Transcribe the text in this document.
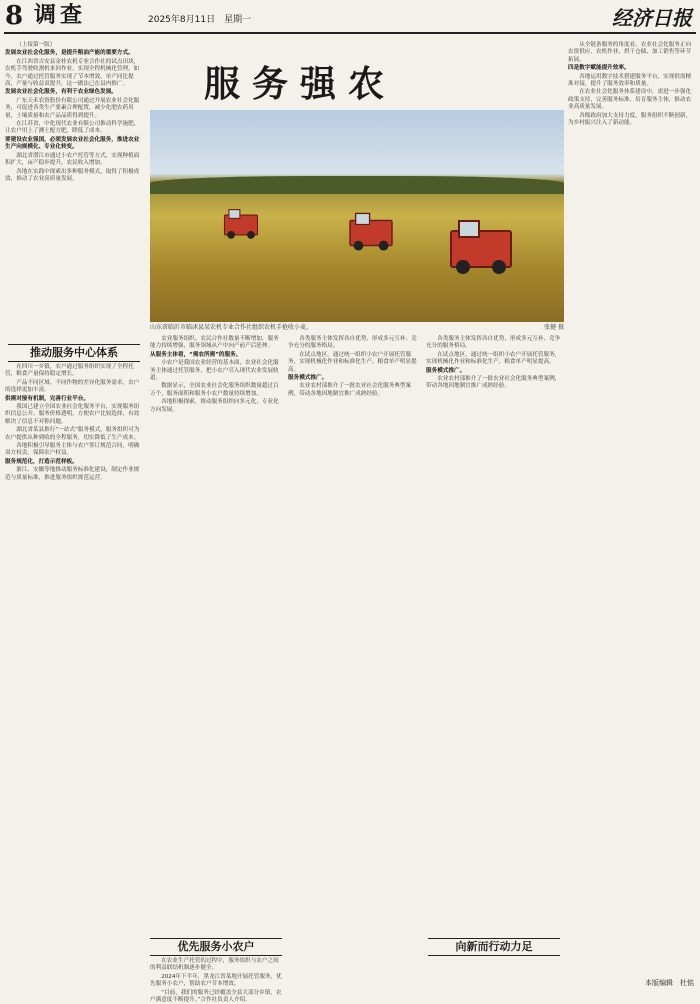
8 调查	2025年8月11日　星期一	经济日报
服务强农

（上接第一版）

发展农业社会化服务，是提升粮油产能的重要方式。

在江西省吉安县金桂农机专业合作社的试点田块，农机手驾驶收割机来回作业，实现全程机械化管理。如今，农户通过托管服务实现了节本增效，单产同比提高，产量与收益双提升，这一做法已在县内推广。

发展农业社会化服务，有利于农业绿色发展。

广东天禾农资股份有限公司通过开展农业社会化服务，可促进各类生产要素合理配置，减少化肥农药用量，土壤质量和农产品品质得到提升。

在江苏省，中化现代农业有限公司推动科学施肥，让农户用上了测土配方肥，降低了成本。

要建设农业强国，必须发展农业社会化服务，推进农业生产向规模化、专业化转变。

湖北省潜江市通过小农户托管等方式，实现种植面积扩大，亩产稳步提升，农民收入增加。

各地在实践中探索出多种服务模式，取得了积极成效，推动了农业高质量发展。

推动服务中心体系

在四川一乡镇，农户通过服务组织实现了全程托管，粮食产量保持稳定增长。

产品不同区域、不同作物的差异化服务需求，农户的选择更加丰富。

供需对接有机制，完善行业平台。

我国已建立全国农业社会化服务平台，实现服务组织信息公开、服务价格透明，方便农户比较选择，有效解决了信息不对称问题。

湖北省某县推行“一站式”服务模式，服务组织可为农户提供从种到收的全程服务，切实降低了生产成本。

各地积极引导服务主体与农户签订规范合同，明确双方权责，保障农户权益。

服务规范化，打造示范样板。

浙江、安徽等地推动服务标准化建设，制定作业规范与质量标准，推进服务组织规范运营。

山东省临沂市临沭县某农机专业合作社组织农机手抢收小麦。	张健 摄

农业服务组织、农民合作社数量不断增加，服务能力持续增强，服务领域从产中向产前产后延伸。

从服务主体看，“需农所需”的服务。

小农户是我国农业经营的基本面，农业社会化服务主体通过托管服务，把小农户引入现代农业发展轨道。

数据显示，全国农业社会化服务组织数量超过百万个，服务面积和服务小农户数量持续增加。

各地积极探索，推动服务组织向多元化、专业化方向发展。

优先服务小农户

在农业生产托管的过程中，服务组织与农户之间的利益联结机制逐步健全。

2024年下半年，黑龙江省某地开展托管服务，优先服务小农户，帮助农户节本增效。

“目前，我们的服务已经覆盖全县大部分乡镇，农户满意度不断提升。”合作社负责人介绍。

各类服务主体发挥各自优势，形成多元互补、竞争充分的服务格局。

在试点地区，通过统一组织小农户开展托管服务，实现机械化作业和标准化生产，粮食单产明显提高。

服务模式推广。

农业农村部推介了一批农业社会化服务典型案例，带动各地因地制宜推广成熟经验。

各类服务主体发挥各自优势，形成多元互补、竞争充分的服务格局。

在试点地区，通过统一组织小农户开展托管服务，实现机械化作业和标准化生产，粮食单产明显提高。

服务模式推广。

农业农村部推介了一批农业社会化服务典型案例，带动各地因地制宜推广成熟经验。

向新而行动力足

从全链条服务的角度看，农业社会化服务正向农资供应、农机作业、烘干仓储、加工销售等环节拓展。

四是数字赋能提升效率。

各地运用数字技术搭建服务平台，实现供需精准对接，提升了服务效率和质量。

在农业社会化服务体系建设中，需进一步强化政策支持，完善服务标准，培育服务主体，推动农业高质量发展。

各级政府加大支持力度，服务组织不断创新，为乡村振兴注入了新动能。

本版编辑　杜铭
